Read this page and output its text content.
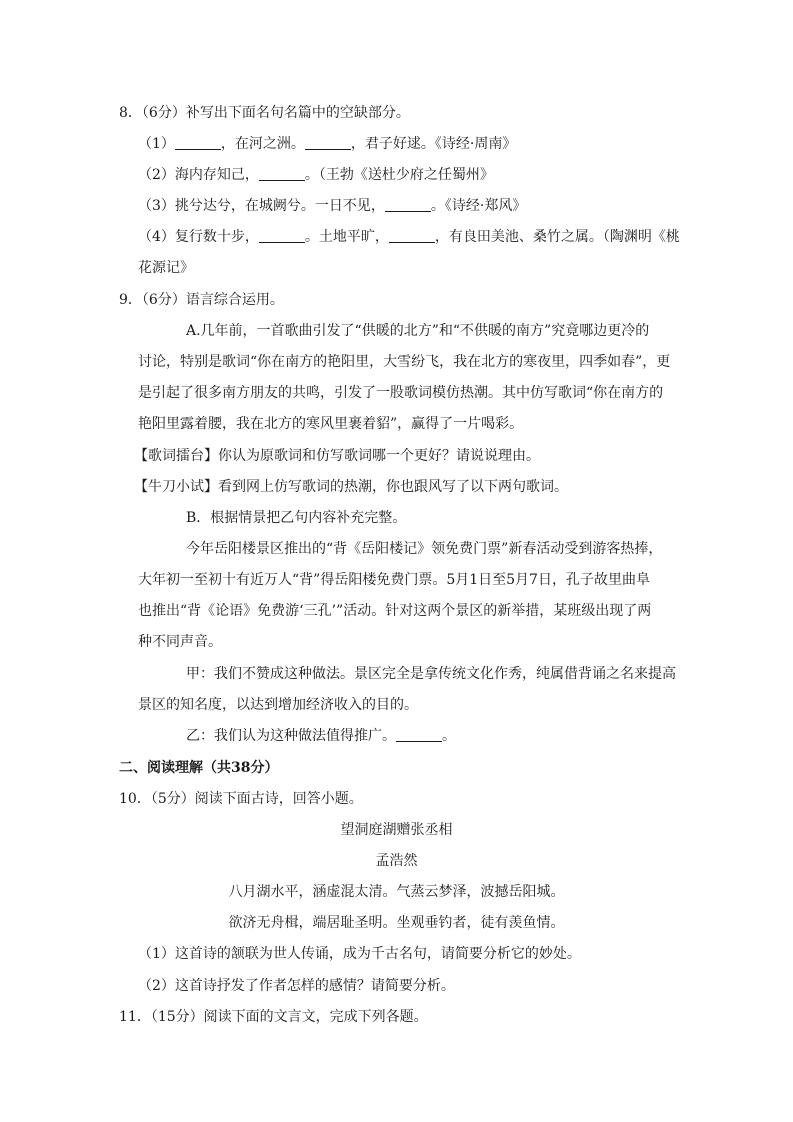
8．（6分）补写出下面名句名篇中的空缺部分。
（1）	，在河之洲。	，君子好逑。《诗经·周南》
（2）海内存知己，	。（王勃《送杜少府之任蜀州》
（3）挑兮达兮，在城阙兮。一日不见，	。《诗经·郑风》
（4）复行数十步，	。土地平旷，	，有良田美池、桑竹之属。（陶渊明《桃
花源记》
9．（6分）语言综合运用。
A.几年前，一首歌曲引发了“供暖的北方”和“不供暖的南方”究竟哪边更冷的
讨论，特别是歌词“你在南方的艳阳里，大雪纷飞，我在北方的寒夜里，四季如春”，更
是引起了很多南方朋友的共鸣，引发了一股歌词模仿热潮。其中仿写歌词“你在南方的
艳阳里露着腰，我在北方的寒风里裹着貂”，赢得了一片喝彩。
【歌词擂台】你认为原歌词和仿写歌词哪一个更好？请说说理由。
【牛刀小试】看到网上仿写歌词的热潮，你也跟风写了以下两句歌词。
B．根据情景把乙句内容补充完整。
今年岳阳楼景区推出的“背《岳阳楼记》领免费门票”新春活动受到游客热捧，
大年初一至初十有近万人“背”得岳阳楼免费门票。5月1日至5月7日，孔子故里曲阜
也推出“背《论语》免费游‘三孔’”活动。针对这两个景区的新举措，某班级出现了两
种不同声音。
甲：我们不赞成这种做法。景区完全是拿传统文化作秀，纯属借背诵之名来提高
景区的知名度，以达到增加经济收入的目的。
乙：我们认为这种做法值得推广。	。
二、阅读理解（共38分）
10．（5分）阅读下面古诗，回答小题。
望洞庭湖赠张丞相
孟浩然
八月湖水平，涵虚混太清。气蒸云梦泽，波撼岳阳城。
欲济无舟楫，端居耻圣明。坐观垂钓者，徒有羡鱼情。
（1）这首诗的颔联为世人传诵，成为千古名句，请简要分析它的妙处。
（2）这首诗抒发了作者怎样的感情？请简要分析。
11．（15分）阅读下面的文言文，完成下列各题。
